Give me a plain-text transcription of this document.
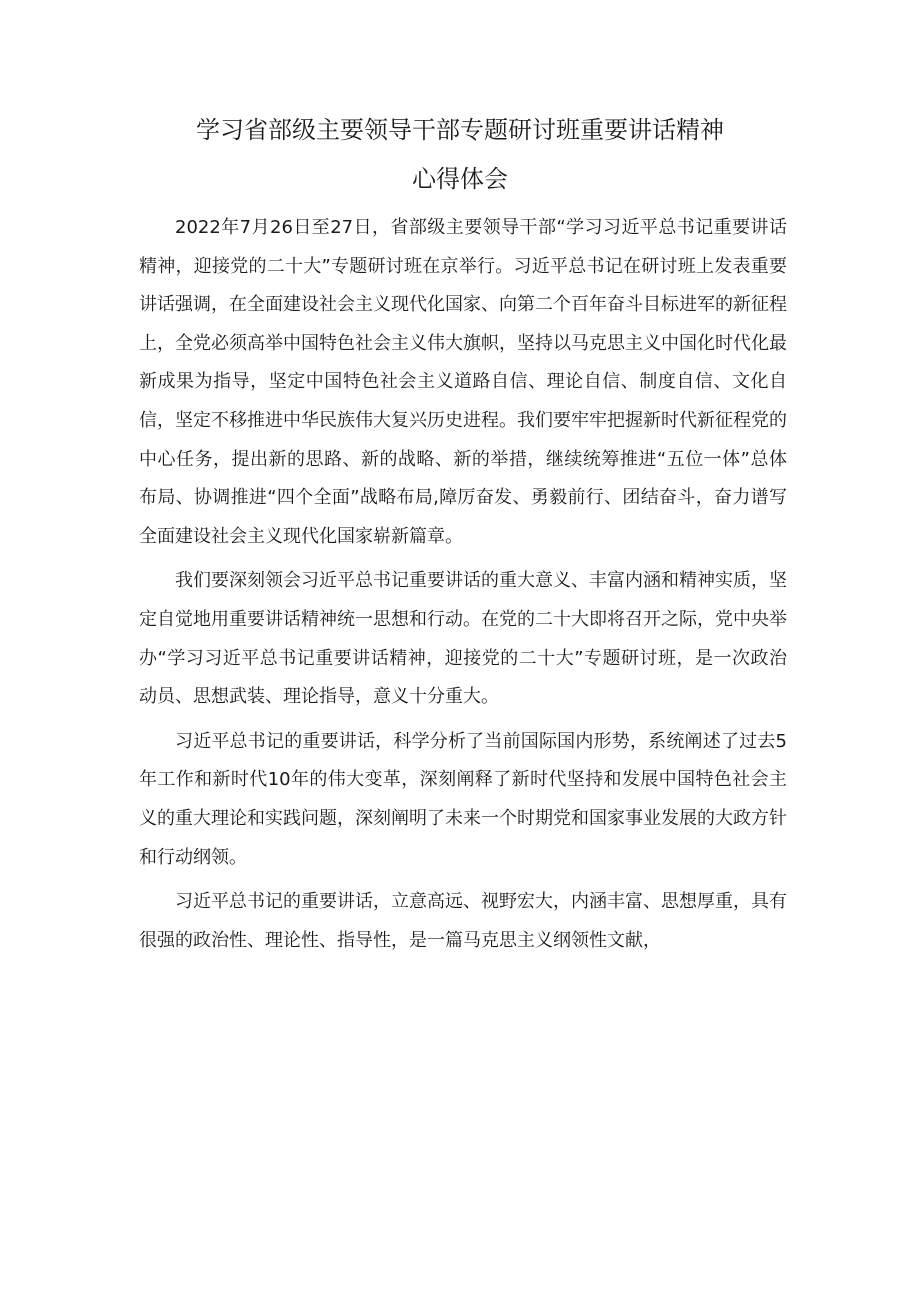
学习省部级主要领导干部专题研讨班重要讲话精神
心得体会

2022年7月26日至27日，省部级主要领导干部“学习习近平总书记重要讲话精神，迎接党的二十大”专题研讨班在京举行。习近平总书记在研讨班上发表重要讲话强调，在全面建设社会主义现代化国家、向第二个百年奋斗目标进军的新征程上，全党必须高举中国特色社会主义伟大旗帜，坚持以马克思主义中国化时代化最新成果为指导，坚定中国特色社会主义道路自信、理论自信、制度自信、文化自信，坚定不移推进中华民族伟大复兴历史进程。我们要牢牢把握新时代新征程党的中心任务，提出新的思路、新的战略、新的举措，继续统筹推进“五位一体”总体布局、协调推进“四个全面”战略布局,障厉奋发、勇毅前行、团结奋斗，奋力谱写全面建设社会主义现代化国家崭新篇章。

我们要深刻领会习近平总书记重要讲话的重大意义、丰富内涵和精神实质，坚定自觉地用重要讲话精神统一思想和行动。在党的二十大即将召开之际，党中央举办“学习习近平总书记重要讲话精神，迎接党的二十大”专题研讨班，是一次政治动员、思想武装、理论指导，意义十分重大。

习近平总书记的重要讲话，科学分析了当前国际国内形势，系统阐述了过去5年工作和新时代10年的伟大变革，深刻阐释了新时代坚持和发展中国特色社会主义的重大理论和实践问题，深刻阐明了未来一个时期党和国家事业发展的大政方针和行动纲领。

习近平总书记的重要讲话，立意高远、视野宏大，内涵丰富、思想厚重，具有很强的政治性、理论性、指导性，是一篇马克思主义纲领性文献，
